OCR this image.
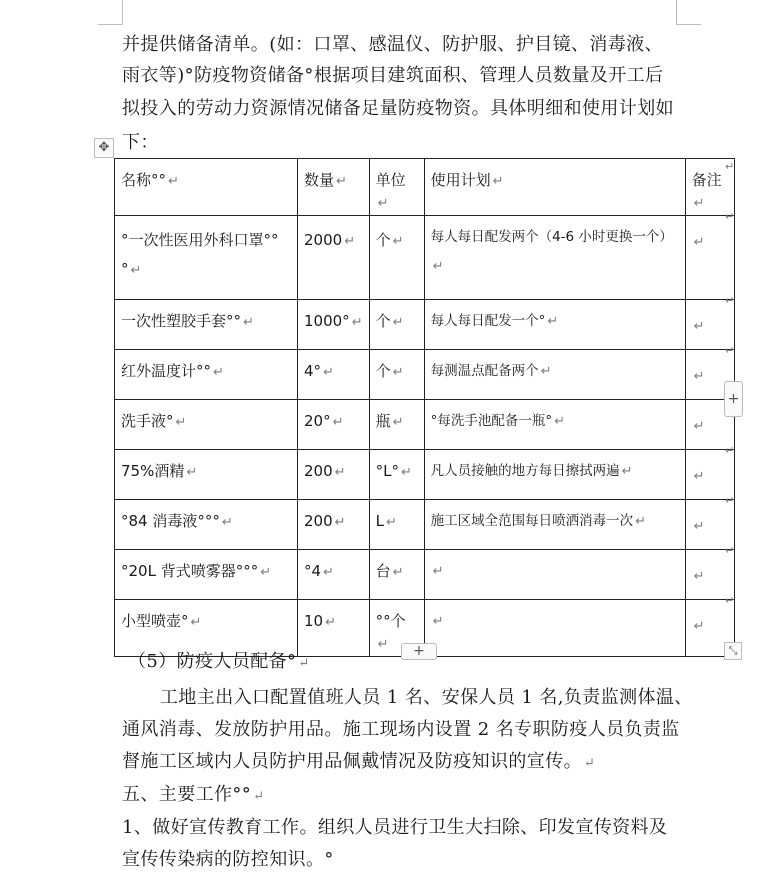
并提供储备清单。(如：口罩、感温仪、防护服、护目镜、消毒液、
雨衣等)°防疫物资储备°根据项目建筑面积、管理人员数量及开工后
拟投入的劳动力资源情况储备足量防疫物资。具体明细和使用计划如
下：
✥
名称°° ↵	数量 ↵	单位↵	使用计划 ↵	备注↵

°一次性医用外科口罩°°° ↵	2000 ↵	个 ↵	每人每日配发两个（4-6 小时更换一个）↵	↵

一次性塑胶手套°° ↵	1000° ↵	个 ↵	每人每日配发一个° ↵	↵

红外温度计°° ↵	4° ↵	个 ↵	每测温点配备两个 ↵	↵

洗手液° ↵	20° ↵	瓶 ↵	°每洗手池配备一瓶° ↵	↵

75%酒精 ↵	200 ↵	°L° ↵	凡人员接触的地方每日擦拭两遍 ↵	↵

°84 消毒液°°° ↵	200 ↵	L ↵	施工区域全范围每日喷洒消毒一次 ↵	↵

°20L 背式喷雾器°°° ↵	°4 ↵	台 ↵	↵	↵

小型喷壶° ↵	10 ↵	°°个↵	↵	↵
↵
↵
↵
↵
↵
↵
↵
↵
+
+	⤡
（5）防疫人员配备° ↵
工地主出入口配置值班人员 1 名、安保人员 1 名,负责监测体温、
通风消毒、发放防护用品。施工现场内设置 2 名专职防疫人员负责监
督施工区域内人员防护用品佩戴情况及防疫知识的宣传。 ↵
五、主要工作°° ↵
1、做好宣传教育工作。组织人员进行卫生大扫除、印发宣传资料及
宣传传染病的防控知识。°
